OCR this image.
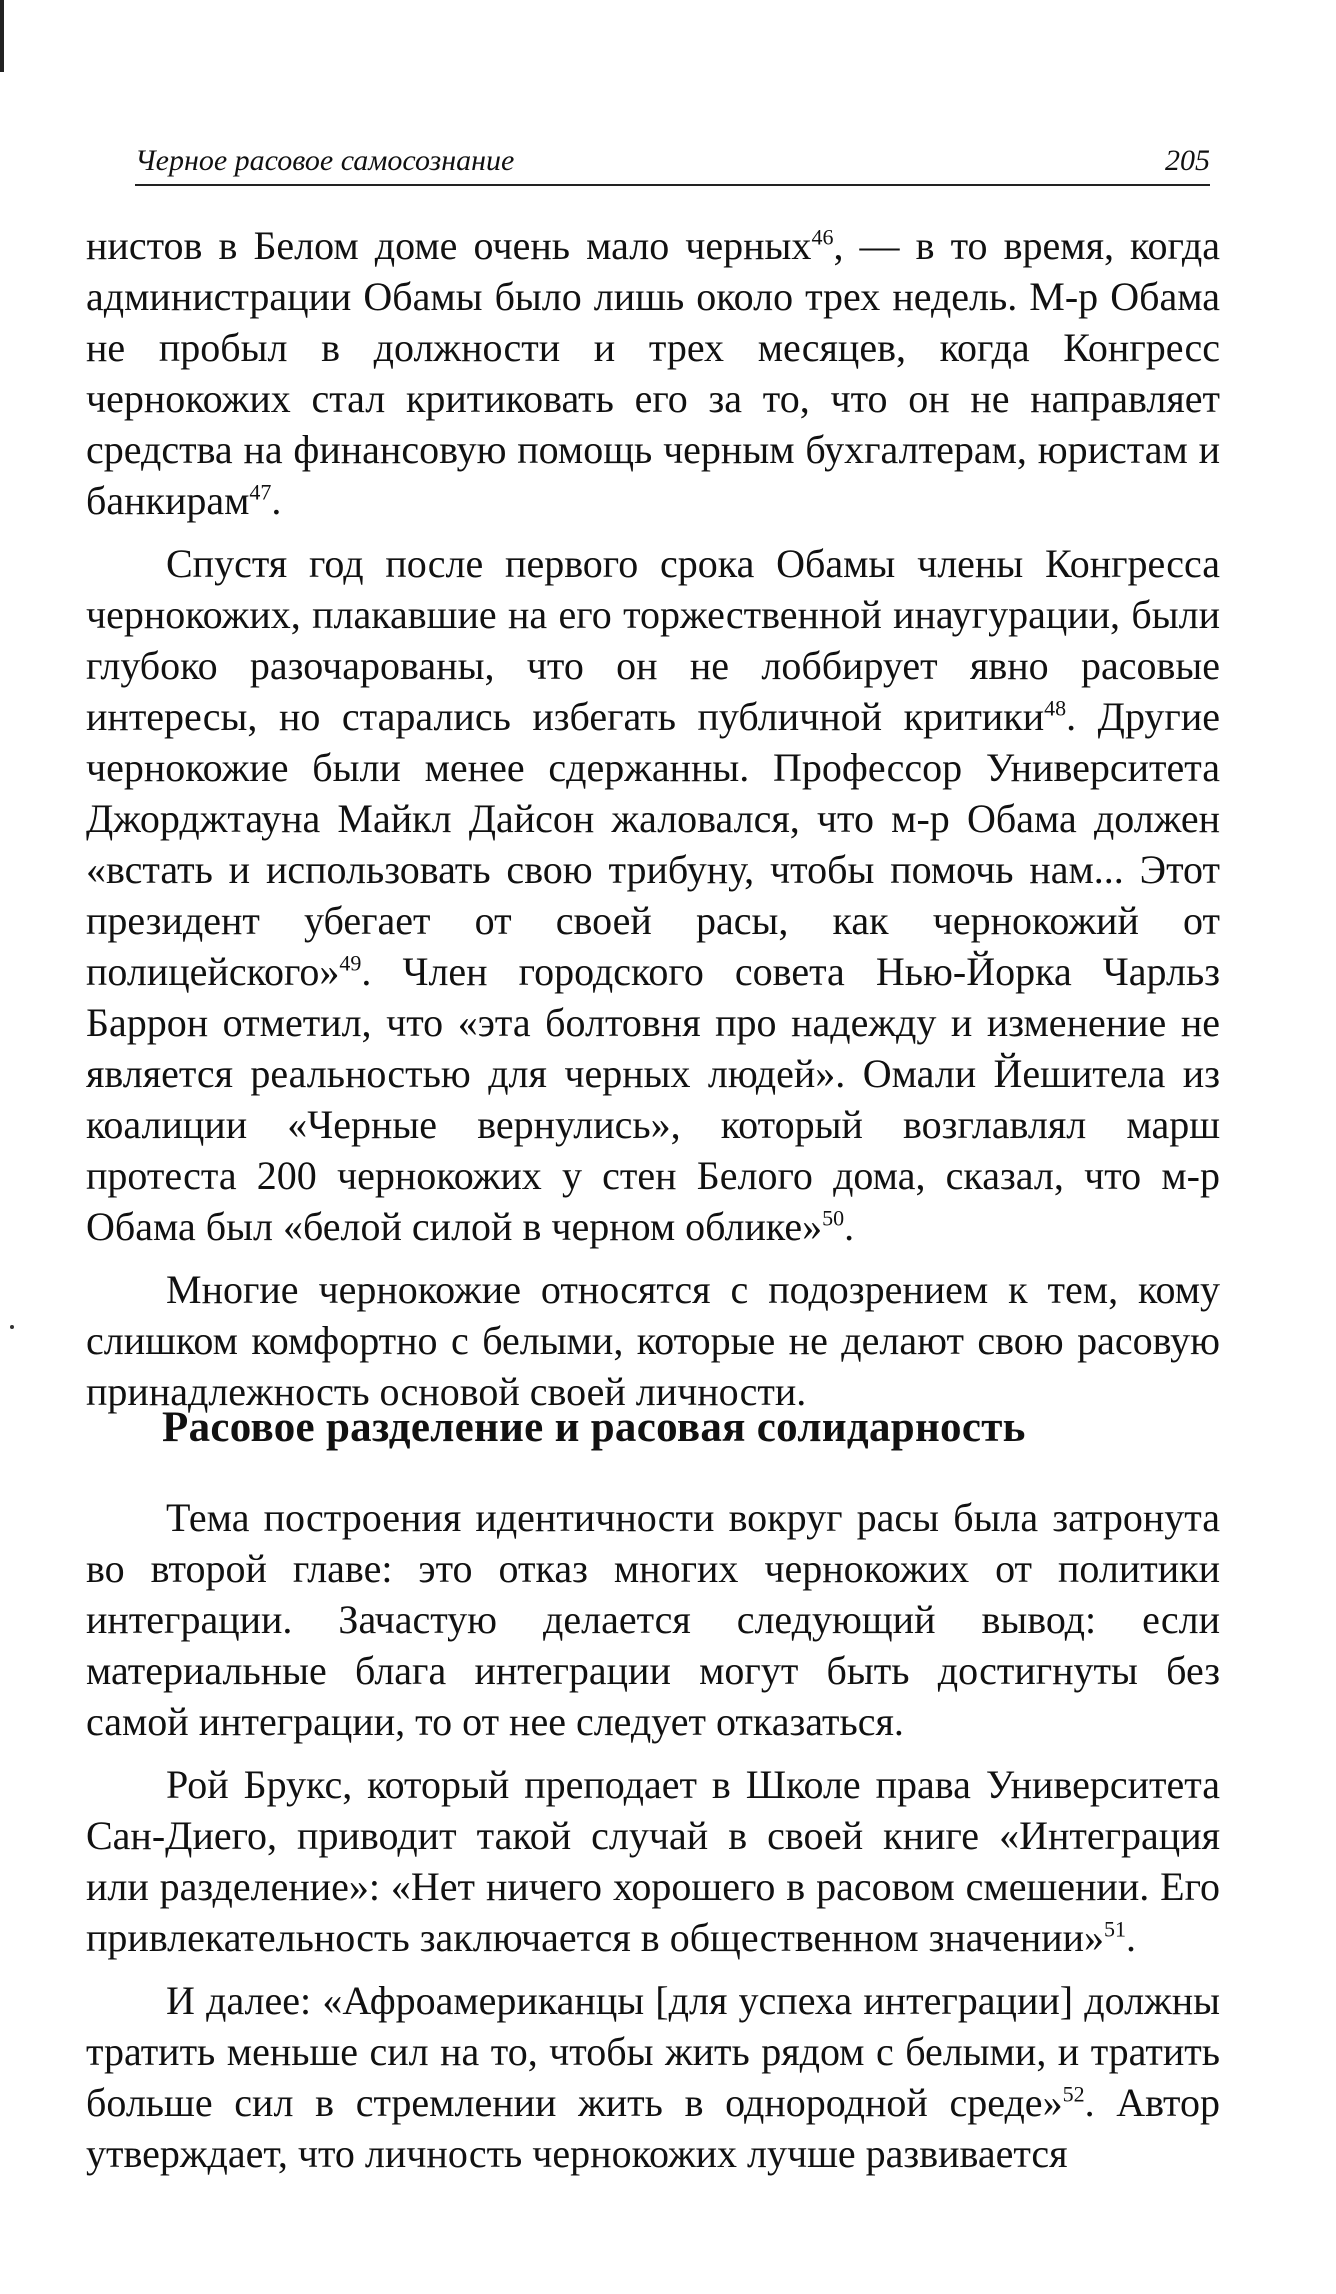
Черное расовое самосознание	205

нистов в Белом доме очень мало черных$^{46}$, — в то время, когда администрации Обамы было лишь около трех недель. М-р Обама не пробыл в должности и трех месяцев, когда Конгресс чернокожих стал критиковать его за то, что он не направляет средства на финансовую помощь черным бухгалтерам, юристам и банкирам$^{47}$.

Спустя год после первого срока Обамы члены Конгресса чернокожих, плакавшие на его торжественной инаугурации, были глубоко разочарованы, что он не лоббирует явно расовые интересы, но старались избегать публичной критики$^{48}$. Другие чернокожие были менее сдержанны. Профессор Университета Джорджтауна Майкл Дайсон жаловался, что м-р Обама должен «встать и использовать свою трибуну, чтобы помочь нам... Этот президент убегает от своей расы, как чернокожий от полицейского»$^{49}$. Член городского совета Нью-Йорка Чарльз Баррон отметил, что «эта болтовня про надежду и изменение не является реальностью для черных людей». Омали Йешитела из коалиции «Черные вернулись», который возглавлял марш протеста 200 чернокожих у стен Белого дома, сказал, что м-р Обама был «белой силой в черном облике»$^{50}$.

Многие чернокожие относятся с подозрением к тем, кому слишком комфортно с белыми, которые не делают свою расовую принадлежность основой своей личности.

Расовое разделение и расовая солидарность

Тема построения идентичности вокруг расы была затронута во второй главе: это отказ многих чернокожих от политики интеграции. Зачастую делается следующий вывод: если материальные блага интеграции могут быть достигнуты без самой интеграции, то от нее следует отказаться.

Рой Брукс, который преподает в Школе права Университета Сан-Диего, приводит такой случай в своей книге «Интеграция или разделение»: «Нет ничего хорошего в расовом смешении. Его привлекательность заключается в общественном значении»$^{51}$.

И далее: «Афроамериканцы [для успеха интеграции] должны тратить меньше сил на то, чтобы жить рядом с белыми, и тратить больше сил в стремлении жить в однородной среде»$^{52}$. Автор утверждает, что личность чернокожих лучше развивается
